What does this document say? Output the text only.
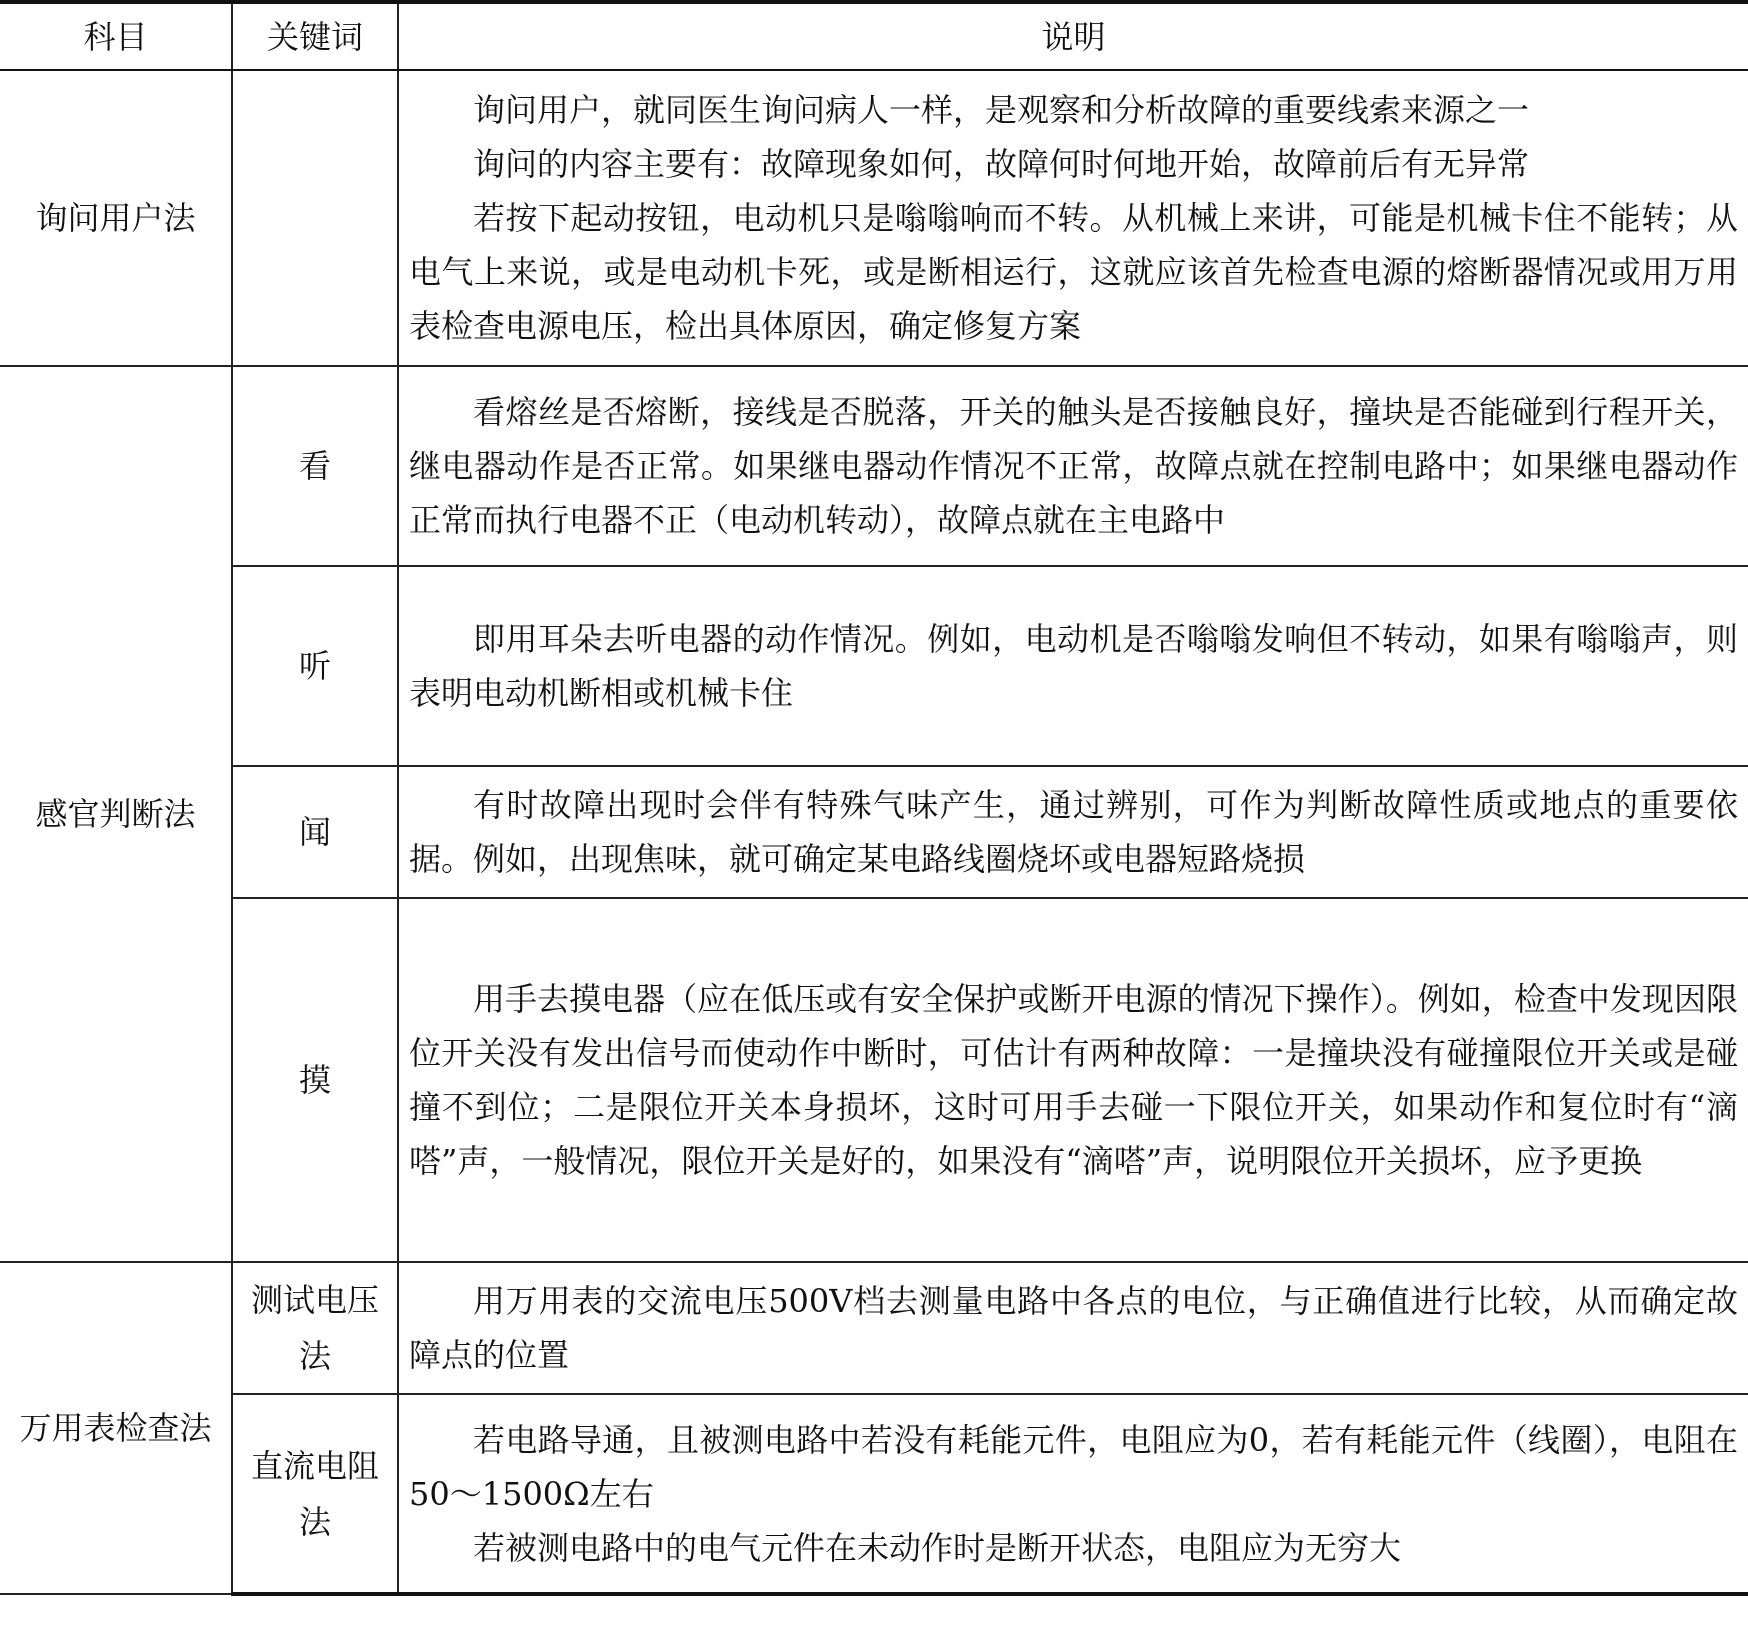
科目	关键词	说明
询问用户法		询问用户，就同医生询问病人一样，是观察和分析故障的重要线索来源之一

询问的内容主要有：故障现象如何，故障何时何地开始，故障前后有无异常

若按下起动按钮，电动机只是嗡嗡响而不转。从机械上来讲，可能是机械卡住不能转；从电气上来说，或是电动机卡死，或是断相运行，这就应该首先检查电源的熔断器情况或用万用表检查电源电压，检出具体原因，确定修复方案

感官判断法	看	看熔丝是否熔断，接线是否脱落，开关的触头是否接触良好，撞块是否能碰到行程开关，继电器动作是否正常。如果继电器动作情况不正常，故障点就在控制电路中；如果继电器动作正常而执行电器不正（电动机转动），故障点就在主电路中

	听	即用耳朵去听电器的动作情况。例如，电动机是否嗡嗡发响但不转动，如果有嗡嗡声，则表明电动机断相或机械卡住

	闻	有时故障出现时会伴有特殊气味产生，通过辨别，可作为判断故障性质或地点的重要依据。例如，出现焦味，就可确定某电路线圈烧坏或电器短路烧损

	摸	用手去摸电器（应在低压或有安全保护或断开电源的情况下操作）。例如，检查中发现因限位开关没有发出信号而使动作中断时，可估计有两种故障：一是撞块没有碰撞限位开关或是碰撞不到位；二是限位开关本身损坏，这时可用手去碰一下限位开关，如果动作和复位时有“滴嗒”声，一般情况，限位开关是好的，如果没有“滴嗒”声，说明限位开关损坏，应予更换

万用表检查法	测试电压法	用万用表的交流电压500V档去测量电路中各点的电位，与正确值进行比较，从而确定故障点的位置

	直流电阻法	若电路导通，且被测电路中若没有耗能元件，电阻应为0，若有耗能元件（线圈），电阻在50～1500Ω左右

若被测电路中的电气元件在未动作时是断开状态，电阻应为无穷大
